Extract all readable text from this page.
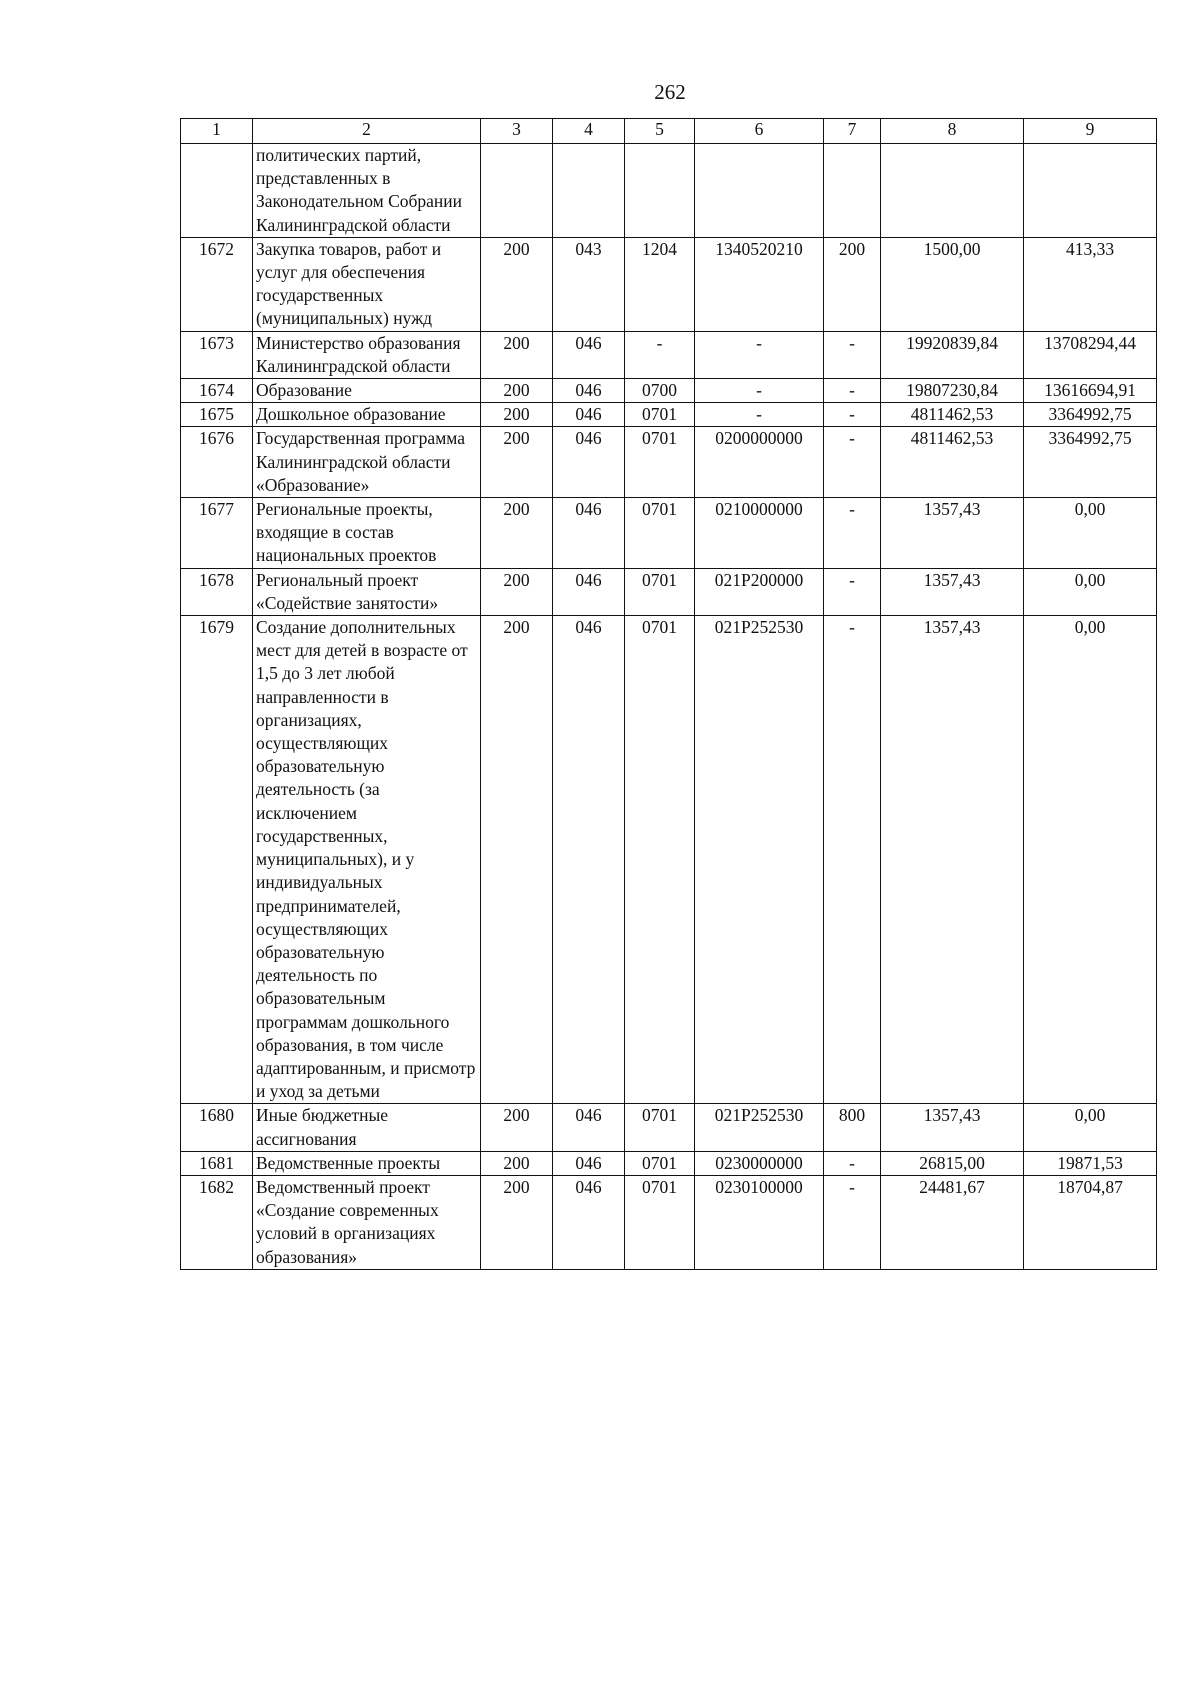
262
1	2	3	4	5	6	7	8	9
	политических партий, представленных в Законодательном Собрании Калининградской области							
1672	Закупка товаров, работ и услуг для обеспечения государственных (муниципальных) нужд	200	043	1204	1340520210	200	1500,00	413,33
1673	Министерство образования Калининградской области	200	046	-	-	-	19920839,84	13708294,44
1674	Образование	200	046	0700	-	-	19807230,84	13616694,91
1675	Дошкольное образование	200	046	0701	-	-	4811462,53	3364992,75
1676	Государственная программа Калининградской области «Образование»	200	046	0701	0200000000	-	4811462,53	3364992,75
1677	Региональные проекты, входящие в состав национальных проектов	200	046	0701	0210000000	-	1357,43	0,00
1678	Региональный проект «Содействие занятости»	200	046	0701	021P200000	-	1357,43	0,00
1679	Создание дополнительных мест для детей в возрасте от 1,5 до 3 лет любой направленности в организациях, осуществляющих образовательную деятельность (за исключением государственных, муниципальных), и у индивидуальных предпринимателей, осуществляющих образовательную деятельность по образовательным программам дошкольного образования, в том числе адаптированным, и присмотр и уход за детьми	200	046	0701	021P252530	-	1357,43	0,00
1680	Иные бюджетные ассигнования	200	046	0701	021P252530	800	1357,43	0,00
1681	Ведомственные проекты	200	046	0701	0230000000	-	26815,00	19871,53
1682	Ведомственный проект «Создание современных условий в организациях образования»	200	046	0701	0230100000	-	24481,67	18704,87
